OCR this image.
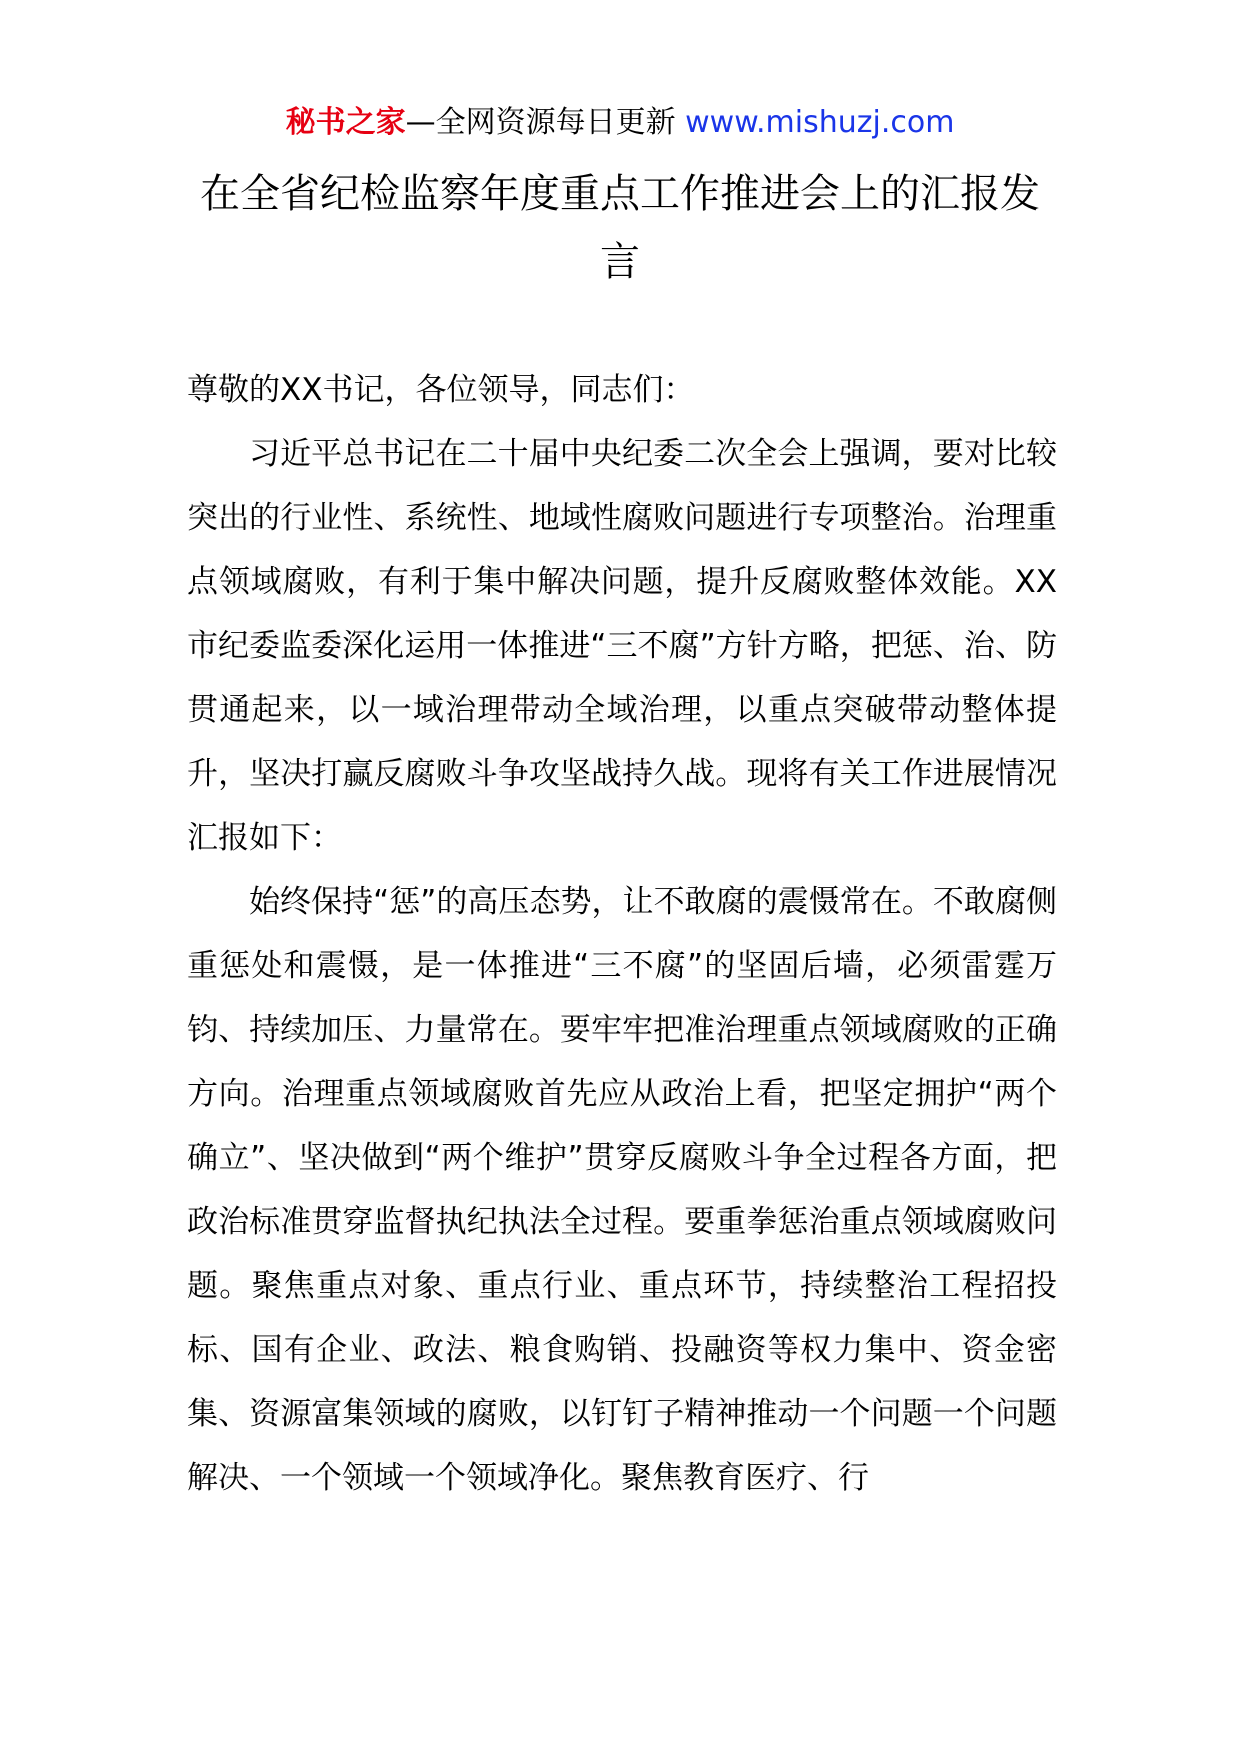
秘书之家—全网资源每日更新 www.mishuzj.com
在全省纪检监察年度重点工作推进会上的汇报发言

尊敬的XX书记，各位领导，同志们：

习近平总书记在二十届中央纪委二次全会上强调，要对比较突出的行业性、系统性、地域性腐败问题进行专项整治。治理重点领域腐败，有利于集中解决问题，提升反腐败整体效能。XX市纪委监委深化运用一体推进“三不腐”方针方略，把惩、治、防贯通起来，以一域治理带动全域治理，以重点突破带动整体提升，坚决打赢反腐败斗争攻坚战持久战。现将有关工作进展情况汇报如下：

始终保持“惩”的高压态势，让不敢腐的震慑常在。不敢腐侧重惩处和震慑，是一体推进“三不腐”的坚固后墙，必须雷霆万钧、持续加压、力量常在。要牢牢把准治理重点领域腐败的正确方向。治理重点领域腐败首先应从政治上看，把坚定拥护“两个确立”、坚决做到“两个维护”贯穿反腐败斗争全过程各方面，把政治标准贯穿监督执纪执法全过程。要重拳惩治重点领域腐败问题。聚焦重点对象、重点行业、重点环节，持续整治工程招投标、国有企业、政法、粮食购销、投融资等权力集中、资金密集、资源富集领域的腐败，以钉钉子精神推动一个问题一个问题解决、一个领域一个领域净化。聚焦教育医疗、行
